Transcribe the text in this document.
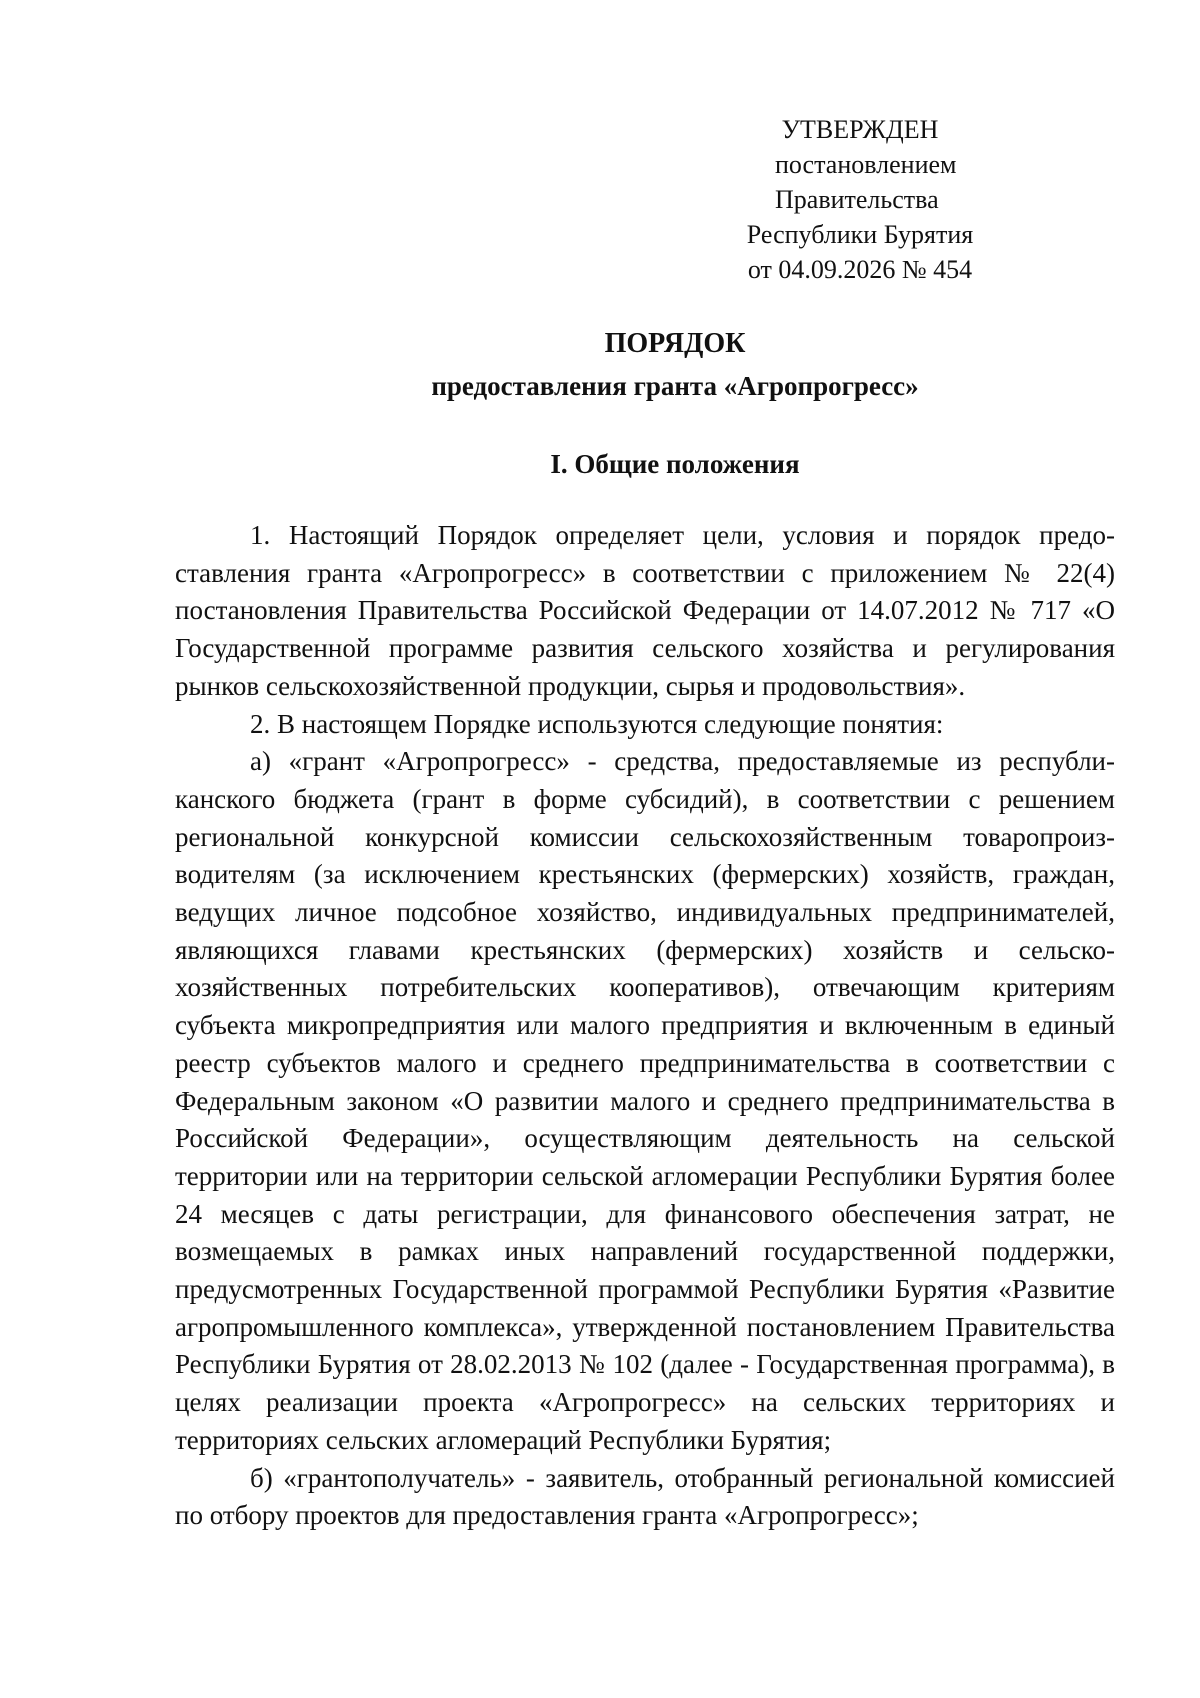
УТВЕРЖДЕН
постановлением Правительства
Республики Бурятия
от 04.09.2026 № 454
ПОРЯДОК
предоставления гранта «Агропрогресс»
I. Общие положения

1. Настоящий Порядок определяет цели, условия и порядок предоставления гранта «Агропрогресс» в соответствии с приложением № 22(4) постановления Правительства Российской Федерации от 14.07.2012 № 717 «О Государственной программе развития сельского хозяйства и регулирования рынков сельскохозяйственной продукции, сырья и продовольствия».

2. В настоящем Порядке используются следующие понятия:

а) «грант «Агропрогресс» - средства, предоставляемые из республиканского бюджета (грант в форме субсидий), в соответствии с решением региональной конкурсной комиссии сельскохозяйственным товаропроизводителям (за исключением крестьянских (фермерских) хозяйств, граждан, ведущих личное подсобное хозяйство, индивидуальных предпринимателей, являющихся главами крестьянских (фермерских) хозяйств и сельскохозяйственных потребительских кооперативов), отвечающим критериям субъекта микропредприятия или малого предприятия и включенным в единый реестр субъектов малого и среднего предпринимательства в соответствии с Федеральным законом «О развитии малого и среднего предпринимательства в Российской Федерации», осуществляющим деятельность на сельской территории или на территории сельской агломерации Республики Бурятия более 24 месяцев с даты регистрации, для финансового обеспечения затрат, не возмещаемых в рамках иных направлений государственной поддержки, предусмотренных Государственной программой Республики Бурятия «Развитие агропромышленного комплекса», утвержденной постановлением Правительства Республики Бурятия от 28.02.2013 № 102 (далее - Государственная программа), в целях реализации проекта «Агропрогресс» на сельских территориях и территориях сельских агломераций Республики Бурятия;

б) «грантополучатель» - заявитель, отобранный региональной комиссией по отбору проектов для предоставления гранта «Агропрогресс»;
